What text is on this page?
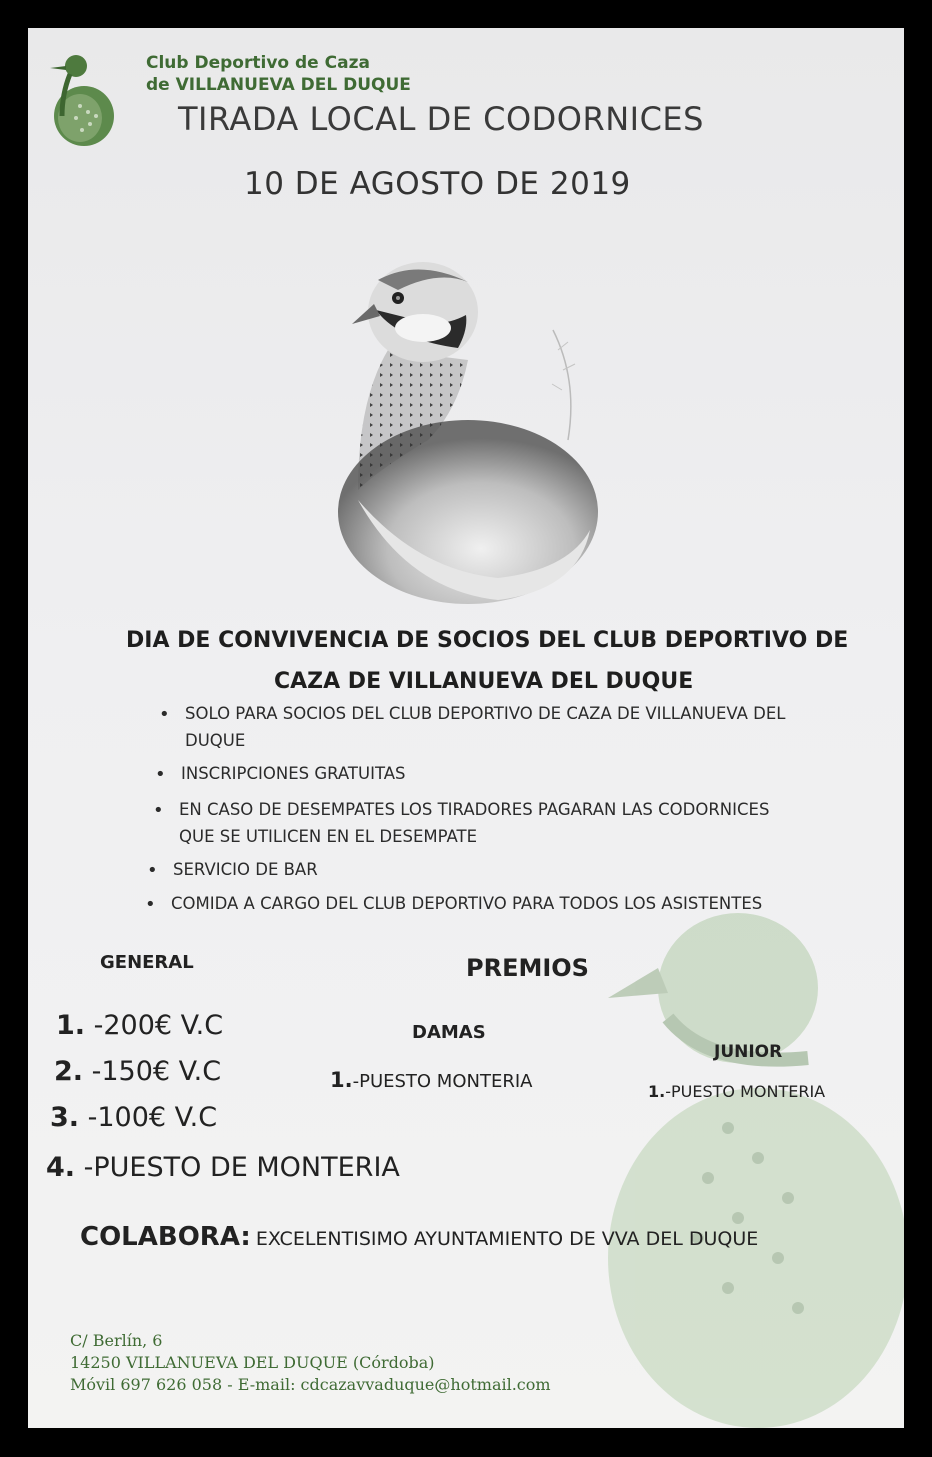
Club Deportivo de Caza
de VILLANUEVA DEL DUQUE
TIRADA LOCAL DE CODORNICES
10 DE AGOSTO DE 2019
DIA DE CONVIVENCIA DE SOCIOS DEL CLUB DEPORTIVO DE
CAZA DE VILLANUEVA DEL DUQUE
• SOLO PARA SOCIOS DEL CLUB DEPORTIVO DE CAZA DE VILLANUEVA DEL
DUQUE
• INSCRIPCIONES GRATUITAS
• EN CASO DE DESEMPATES LOS TIRADORES PAGARAN LAS CODORNICES
QUE SE UTILICEN EN EL DESEMPATE
• SERVICIO DE BAR
• COMIDA A CARGO DEL CLUB DEPORTIVO PARA TODOS LOS ASISTENTES
GENERAL	PREMIOS
1. -200€ V.C
2. -150€ V.C
3. -100€ V.C
4. -PUESTO DE MONTERIA
DAMAS
1.-PUESTO MONTERIA
JUNIOR
1.-PUESTO MONTERIA
COLABORA: EXCELENTISIMO AYUNTAMIENTO DE VVA DEL DUQUE
C/ Berlín, 6
14250 VILLANUEVA DEL DUQUE (Córdoba)
Móvil 697 626 058 - E-mail: cdcazavvaduque@hotmail.com
